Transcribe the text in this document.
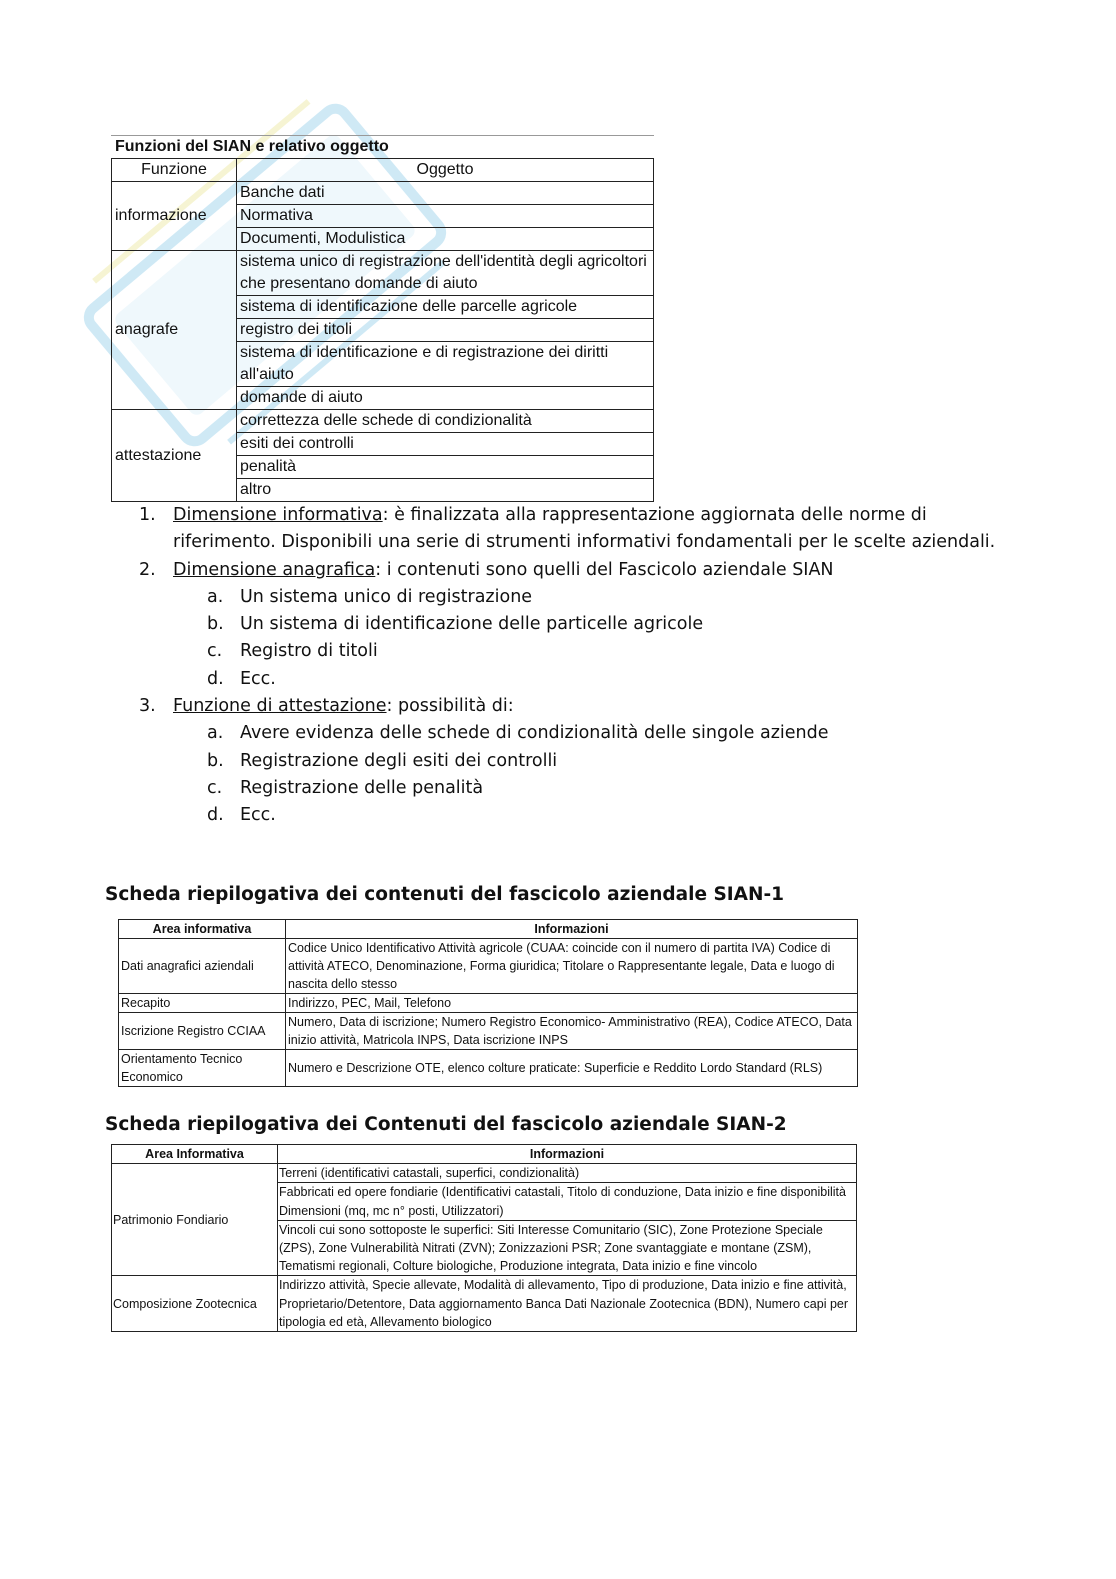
Funzioni del SIAN e relativo oggetto
Funzione	Oggetto
informazione	Banche dati
	Normativa
	Documenti, Modulistica
anagrafe	sistema unico di registrazione dell'identità degli agricoltori che presentano domande di aiuto
	sistema di identificazione delle parcelle agricole
	registro dei titoli
	sistema di identificazione e di registrazione dei diritti all'aiuto
	domande di aiuto
attestazione	correttezza delle schede di condizionalità
	esiti dei controlli
	penalità
	altro
1. Dimensione informativa: è finalizzata alla rappresentazione aggiornata delle norme di riferimento. Disponibili una serie di strumenti informativi fondamentali per le scelte aziendali.
2. Dimensione anagrafica: i contenuti sono quelli del Fascicolo aziendale SIAN
a. Un sistema unico di registrazione
b. Un sistema di identificazione delle particelle agricole
c. Registro di titoli
d. Ecc.
3. Funzione di attestazione: possibilità di:
a. Avere evidenza delle schede di condizionalità delle singole aziende
b. Registrazione degli esiti dei controlli
c. Registrazione delle penalità
d. Ecc.
Scheda riepilogativa dei contenuti del fascicolo aziendale SIAN-1
Area informativa	Informazioni
Dati anagrafici aziendali	Codice Unico Identificativo Attività agricole (CUAA: coincide con il numero di partita IVA) Codice di attività ATECO, Denominazione, Forma giuridica; Titolare o Rappresentante legale, Data e luogo di nascita dello stesso
Recapito	Indirizzo, PEC, Mail, Telefono
Iscrizione Registro CCIAA	Numero, Data di iscrizione; Numero Registro Economico- Amministrativo (REA), Codice ATECO, Data inizio attività, Matricola INPS, Data iscrizione INPS
Orientamento Tecnico Economico	Numero e Descrizione OTE, elenco colture praticate: Superficie e Reddito Lordo Standard (RLS)
Scheda riepilogativa dei Contenuti del fascicolo aziendale SIAN-2
Area Informativa	Informazioni
Patrimonio Fondiario	Terreni (identificativi catastali, superfici, condizionalità)
	Fabbricati ed opere fondiarie (Identificativi catastali, Titolo di conduzione, Data inizio e fine disponibilità Dimensioni (mq, mc n° posti, Utilizzatori)
	Vincoli cui sono sottoposte le superfici: Siti Interesse Comunitario (SIC), Zone Protezione Speciale (ZPS), Zone Vulnerabilità Nitrati (ZVN); Zonizzazioni PSR; Zone svantaggiate e montane (ZSM), Tematismi regionali, Colture biologiche, Produzione integrata, Data inizio e fine vincolo
Composizione Zootecnica	Indirizzo attività, Specie allevate, Modalità di allevamento, Tipo di produzione, Data inizio e fine attività, Proprietario/Detentore, Data aggiornamento Banca Dati Nazionale Zootecnica (BDN), Numero capi per tipologia ed età, Allevamento biologico
